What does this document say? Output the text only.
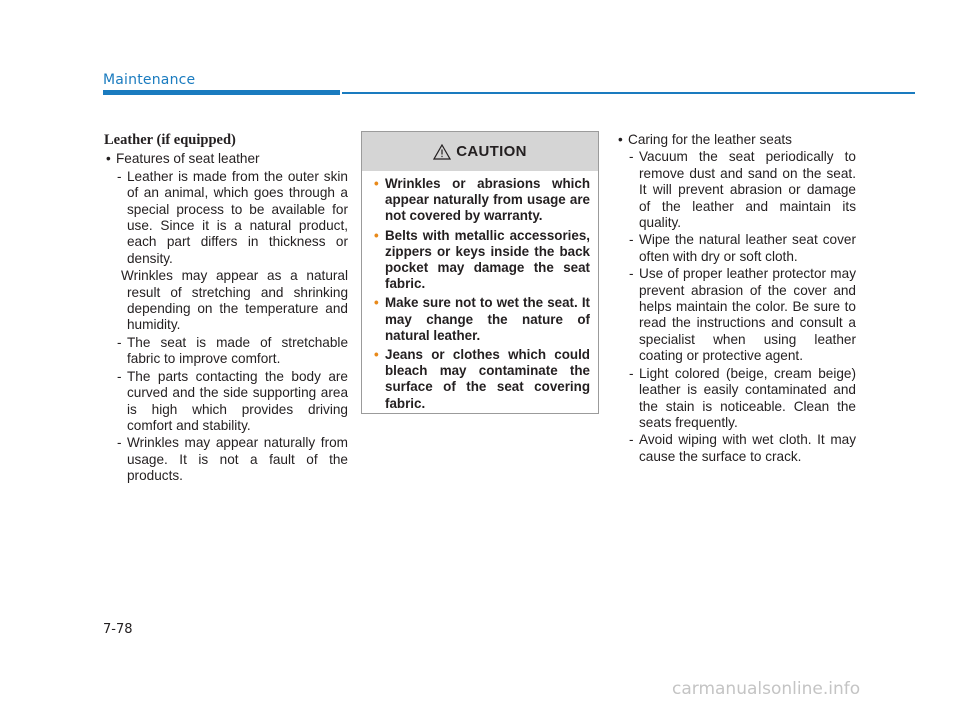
Maintenance
Leather (if equipped)
• Features of seat leather
- Leather is made from the outer skin of an animal, which goes through a special process to be available for use. Since it is a natural product, each part differs in thickness or density.
Wrinkles may appear as a natural result of stretching and shrinking depending on the temperature and humidity.
- The seat is made of stretchable fabric to improve comfort.
- The parts contacting the body are curved and the side supporting area is high which provides driving comfort and stability.
- Wrinkles may appear naturally from usage. It is not a fault of the products.
CAUTION
• Wrinkles or abrasions which appear naturally from usage are not covered by warranty.
• Belts with metallic accessories, zippers or keys inside the back pocket may damage the seat fabric.
• Make sure not to wet the seat. It may change the nature of natural leather.
• Jeans or clothes which could bleach may contaminate the surface of the seat covering fabric.
• Caring for the leather seats
- Vacuum the seat periodically to remove dust and sand on the seat. It will prevent abrasion or damage of the leather and maintain its quality.
- Wipe the natural leather seat cover often with dry or soft cloth.
- Use of proper leather protector may prevent abrasion of the cover and helps maintain the color. Be sure to read the instructions and consult a specialist when using leather coating or protective agent.
- Light colored (beige, cream beige) leather is easily contaminated and the stain is noticeable. Clean the seats frequently.
- Avoid wiping with wet cloth. It may cause the surface to crack.
7-78
carmanualsonline.info
